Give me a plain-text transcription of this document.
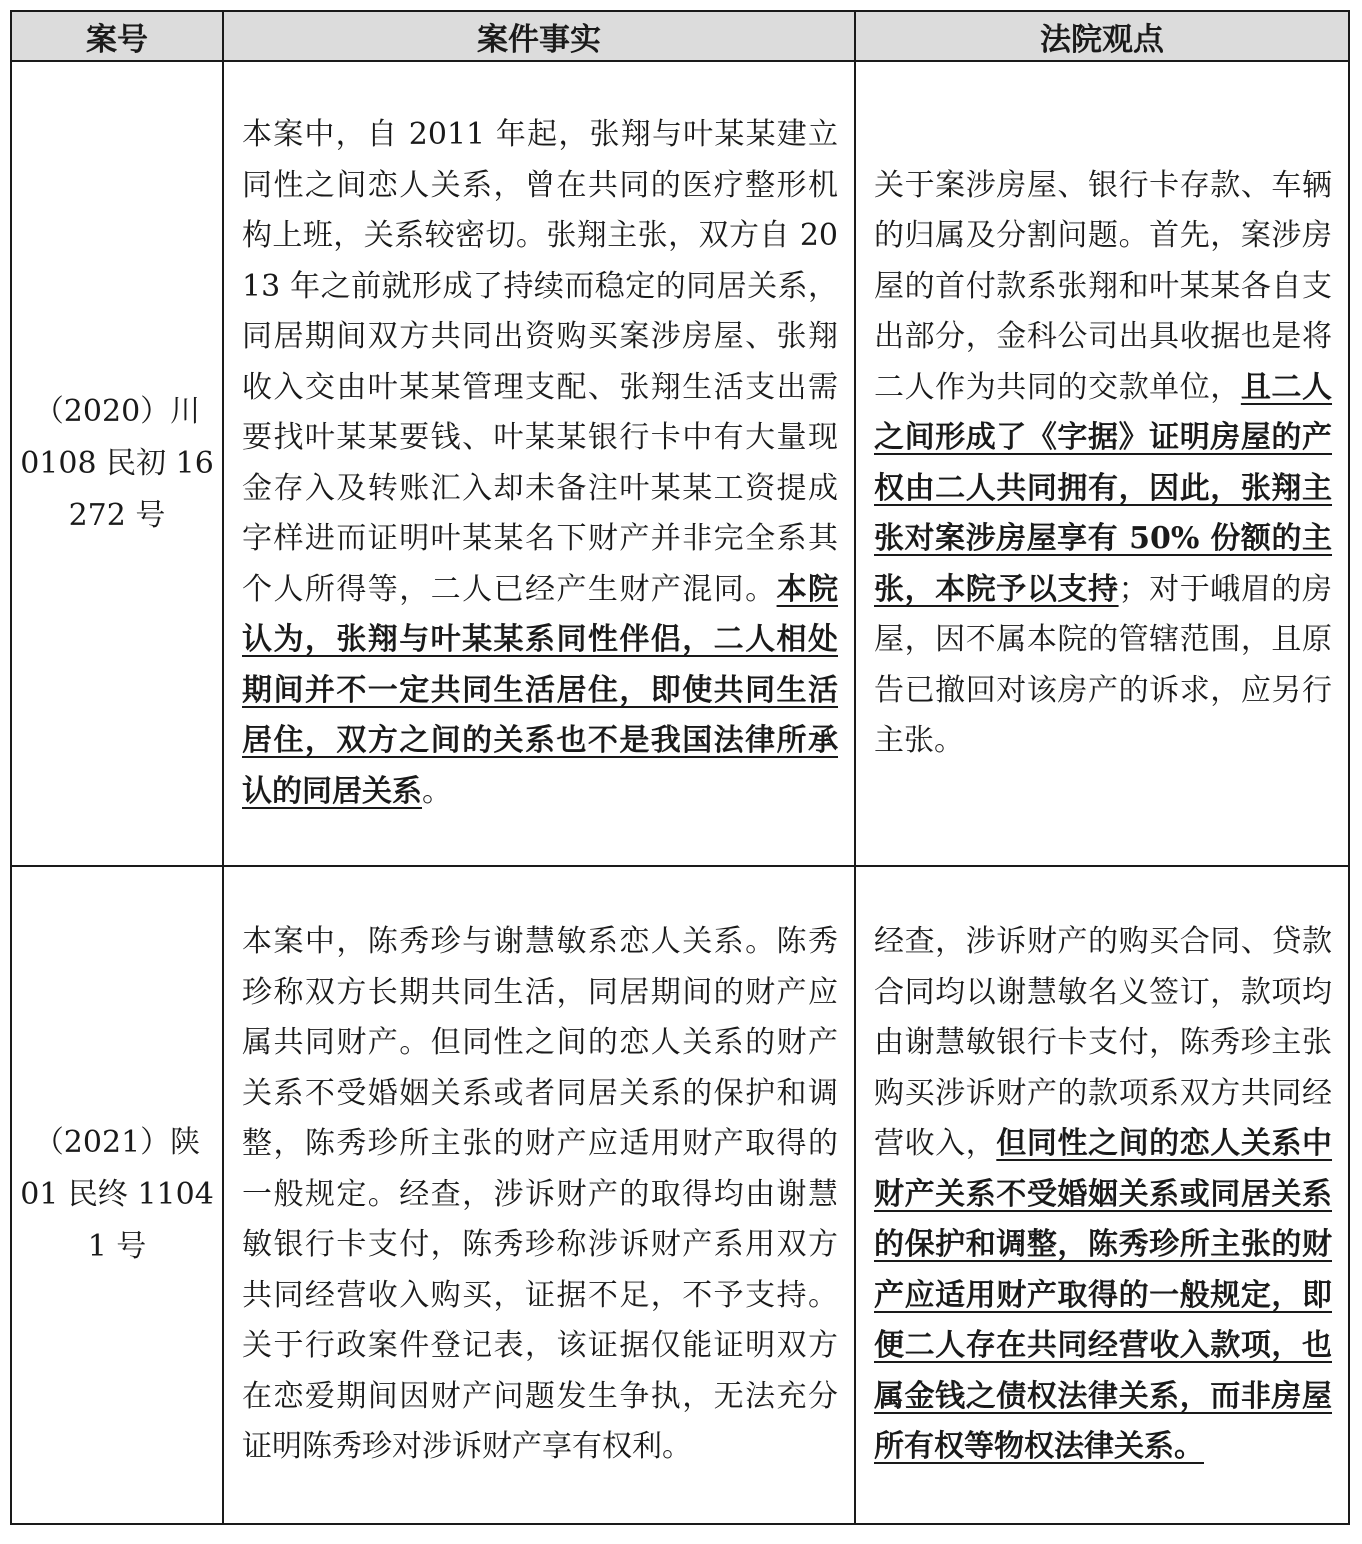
案号	案件事实	法院观点
（2020）川 0108 民初 16272 号	本案中，自 2011 年起，张翔与叶某某建立同性之间恋人关系，曾在共同的医疗整形机构上班，关系较密切。张翔主张，双方自 2013 年之前就形成了持续而稳定的同居关系，同居期间双方共同出资购买案涉房屋、张翔收入交由叶某某管理支配、张翔生活支出需要找叶某某要钱、叶某某银行卡中有大量现金存入及转账汇入却未备注叶某某工资提成字样进而证明叶某某名下财产并非完全系其个人所得等，二人已经产生财产混同。本院认为，张翔与叶某某系同性伴侣，二人相处期间并不一定共同生活居住，即使共同生活居住，双方之间的关系也不是我国法律所承认的同居关系。	关于案涉房屋、银行卡存款、车辆的归属及分割问题。首先，案涉房屋的首付款系张翔和叶某某各自支出部分，金科公司出具收据也是将二人作为共同的交款单位，且二人之间形成了《字据》证明房屋的产权由二人共同拥有，因此，张翔主张对案涉房屋享有 50% 份额的主张，本院予以支持；对于峨眉的房屋，因不属本院的管辖范围，且原告已撤回对该房产的诉求，应另行主张。
（2021）陕 01 民终 11041 号	本案中，陈秀珍与谢慧敏系恋人关系。陈秀珍称双方长期共同生活，同居期间的财产应属共同财产。但同性之间的恋人关系的财产关系不受婚姻关系或者同居关系的保护和调整，陈秀珍所主张的财产应适用财产取得的一般规定。经查，涉诉财产的取得均由谢慧敏银行卡支付，陈秀珍称涉诉财产系用双方共同经营收入购买，证据不足，不予支持。关于行政案件登记表，该证据仅能证明双方在恋爱期间因财产问题发生争执，无法充分证明陈秀珍对涉诉财产享有权利。	经查，涉诉财产的购买合同、贷款合同均以谢慧敏名义签订，款项均由谢慧敏银行卡支付，陈秀珍主张购买涉诉财产的款项系双方共同经营收入，但同性之间的恋人关系中财产关系不受婚姻关系或同居关系的保护和调整，陈秀珍所主张的财产应适用财产取得的一般规定，即便二人存在共同经营收入款项，也属金钱之债权法律关系，而非房屋所有权等物权法律关系。
